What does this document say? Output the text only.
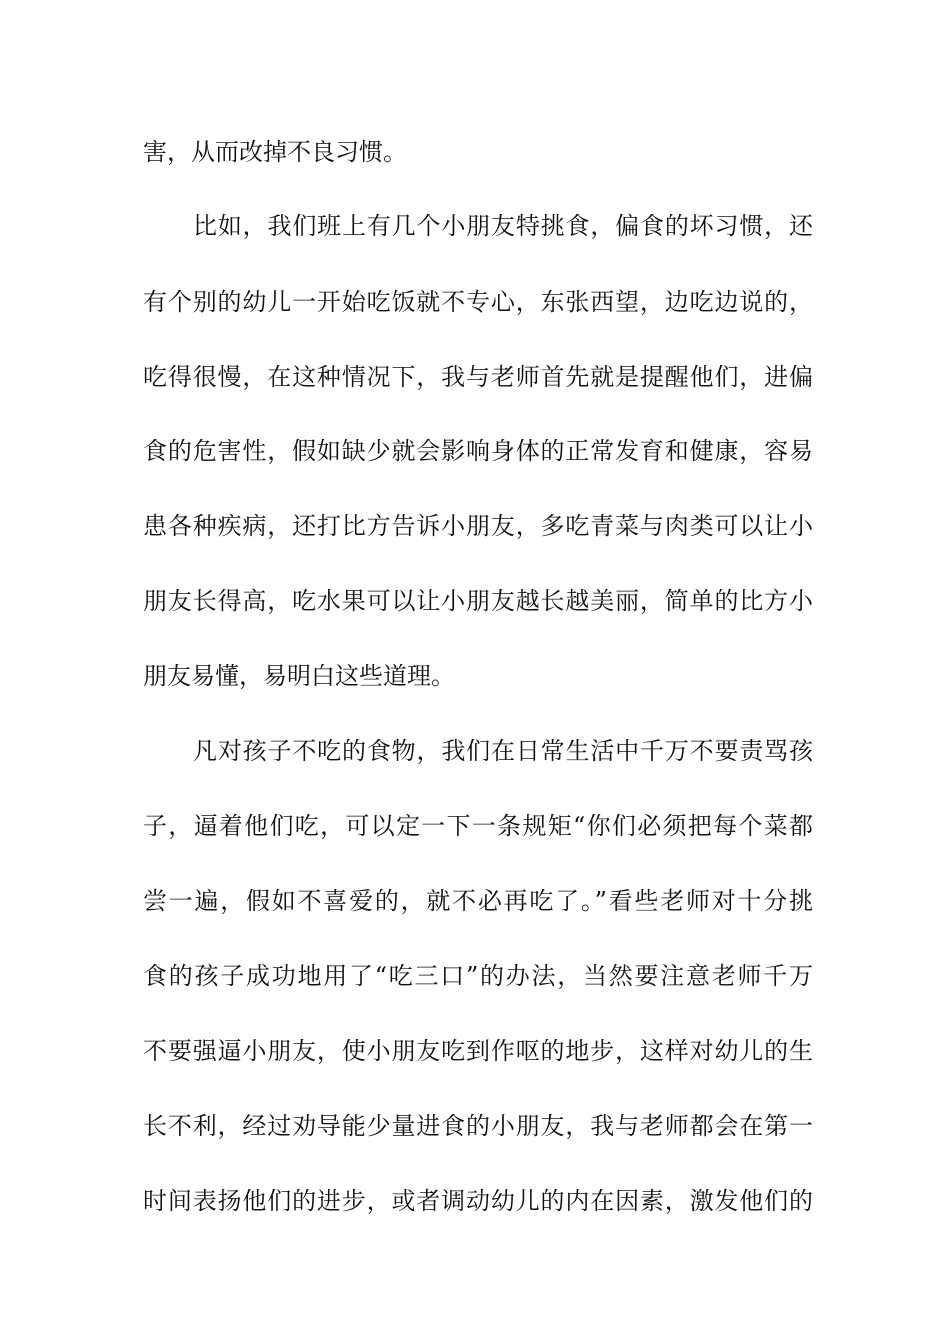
害，从而改掉不良习惯。
比如，我们班上有几个小朋友特挑食，偏食的坏习惯，还
有个别的幼儿一开始吃饭就不专心，东张西望，边吃边说的，
吃得很慢，在这种情况下，我与老师首先就是提醒他们，进偏
食的危害性，假如缺少就会影响身体的正常发育和健康，容易
患各种疾病，还打比方告诉小朋友，多吃青菜与肉类可以让小
朋友长得高，吃水果可以让小朋友越长越美丽，简单的比方小
朋友易懂，易明白这些道理。
凡对孩子不吃的食物，我们在日常生活中千万不要责骂孩
子，逼着他们吃，可以定一下一条规矩“你们必须把每个菜都
尝一遍，假如不喜爱的，就不必再吃了。”看些老师对十分挑
食的孩子成功地用了“吃三口”的办法，当然要注意老师千万
不要强逼小朋友，使小朋友吃到作呕的地步，这样对幼儿的生
长不利，经过劝导能少量进食的小朋友，我与老师都会在第一
时间表扬他们的进步，或者调动幼儿的内在因素，激发他们的
